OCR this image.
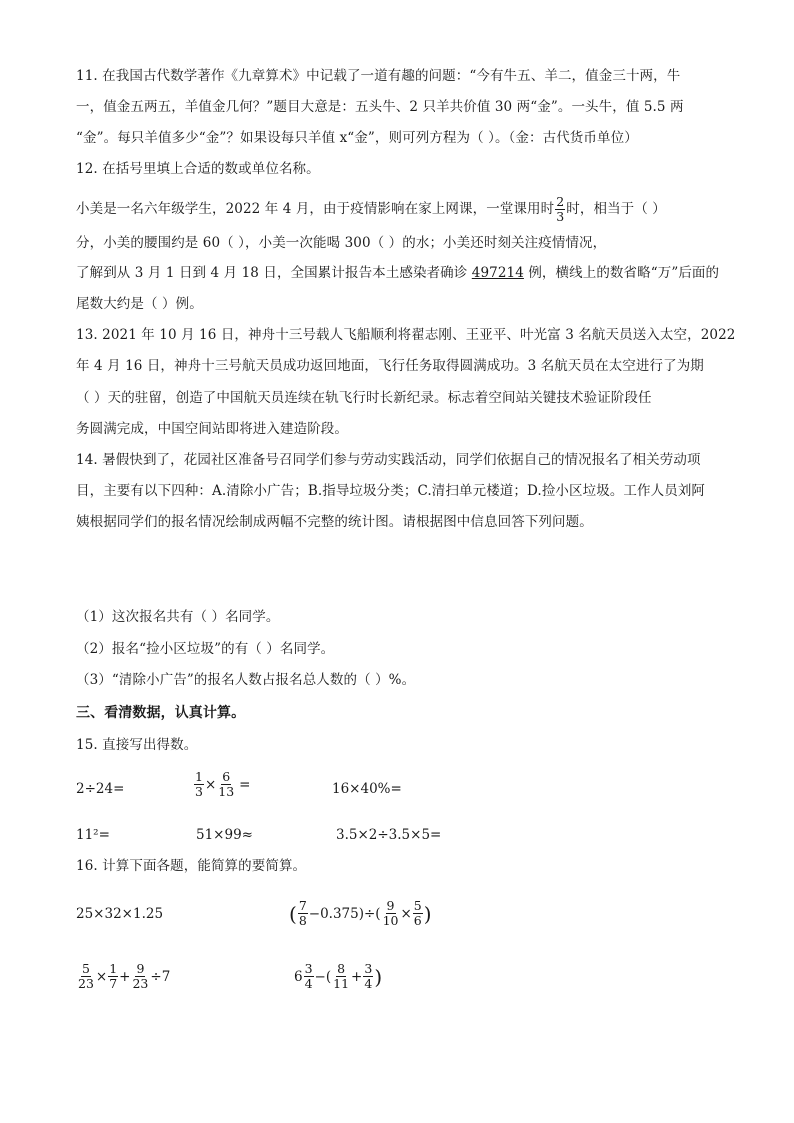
11. 在我国古代数学著作《九章算术》中记载了一道有趣的问题：“今有牛五、羊二，值金三十两，牛
一，值金五两五，羊值金几何？”题目大意是：五头牛、2 只羊共价值 30 两“金”。一头牛，值 5.5 两
“金”。每只羊值多少“金”？如果设每只羊值 x“金”，则可列方程为（ ）。（金：古代货币单位）
12. 在括号里填上合适的数或单位名称。
小美是一名六年级学生，2022 年 4 月，由于疫情影响在家上网课，一堂课用时 $\frac{2}{3}$ 时，相当于（ ）
分，小美的腰围约是 60（ ），小美一次能喝 300（ ）的水；小美还时刻关注疫情情况，
了解到从 3 月 1 日到 4 月 18 日，全国累计报告本土感染者确诊 497214 例，横线上的数省略“万”后面的
尾数大约是（ ）例。
13. 2021 年 10 月 16 日，神舟十三号载人飞船顺利将翟志刚、王亚平、叶光富 3 名航天员送入太空，2022
年 4 月 16 日，神舟十三号航天员成功返回地面，飞行任务取得圆满成功。3 名航天员在太空进行了为期
（ ）天的驻留，创造了中国航天员连续在轨飞行时长新纪录。标志着空间站关键技术验证阶段任
务圆满完成，中国空间站即将进入建造阶段。
14. 暑假快到了，花园社区准备号召同学们参与劳动实践活动，同学们依据自己的情况报名了相关劳动项
目，主要有以下四种：A.清除小广告；B.指导垃圾分类；C.清扫单元楼道；D.捡小区垃圾。工作人员刘阿
姨根据同学们的报名情况绘制成两幅不完整的统计图。请根据图中信息回答下列问题。
（1）这次报名共有（ ）名同学。
（2）报名“捡小区垃圾”的有（ ）名同学。
（3）“清除小广告”的报名人数占报名总人数的（ ）%。
三、看清数据，认真计算。
15. 直接写出得数。
2÷24=	$\frac{1}{3} \times \frac{6}{13}$ =	16×40%=
11²=	51×99≈	3.5×2÷3.5×5=
16. 计算下面各题，能简算的要简算。
25×32×1.25	( $\frac{7}{8} -0.375)\div( \frac{9}{10} \times \frac{5}{6}$ )
$\frac{5}{23} \times \frac{1}{7} + \frac{9}{23} \div 7$	$6 \frac{3}{4}$ −( $\frac{8}{11} + \frac{3}{4}$ )
